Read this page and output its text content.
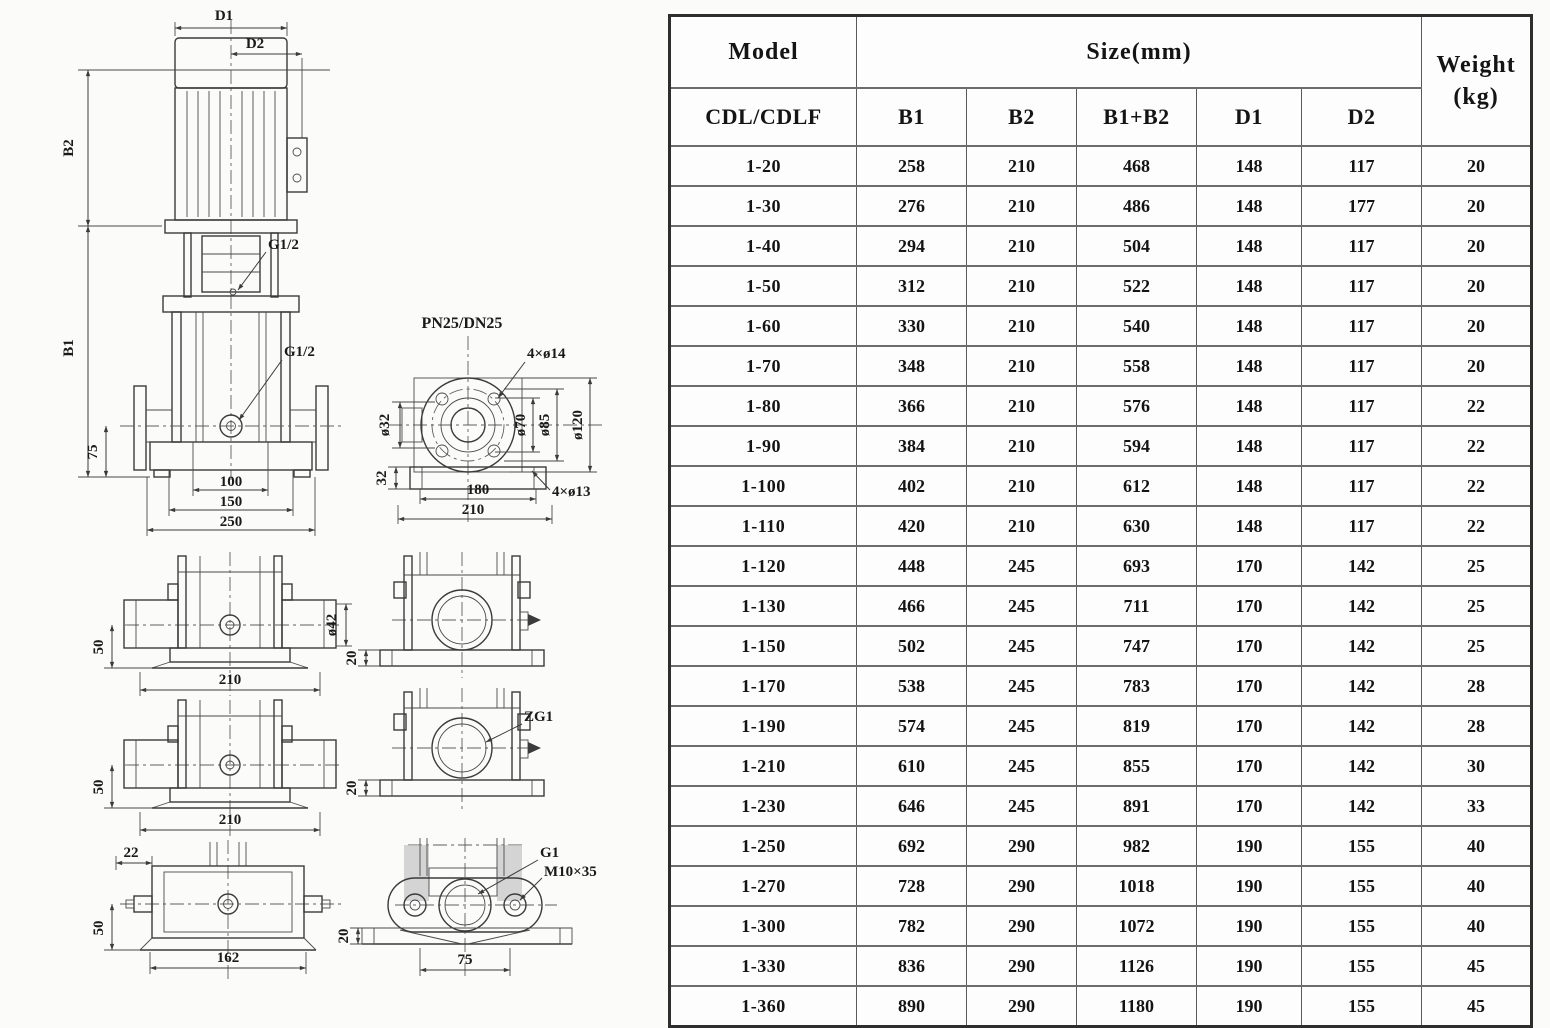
D1
D2
B2
B1
G1/2
G1/2
75
100
150
250
PN25/DN25
4×ø14
ø32	ø70 ø85 ø120
32
180
210
4×ø13
50
ø42
210
20
50
210
ZG1
20
22
50
162
G1
M10×35
75
20
Model	Size(mm)					Weight
(kg)

CDL/CDLF	B1	B2	B1+B2	D1	D2	
1-20	258	210	468	148	117	20
1-30	276	210	486	148	177	20
1-40	294	210	504	148	117	20
1-50	312	210	522	148	117	20
1-60	330	210	540	148	117	20
1-70	348	210	558	148	117	20
1-80	366	210	576	148	117	22
1-90	384	210	594	148	117	22
1-100	402	210	612	148	117	22
1-110	420	210	630	148	117	22
1-120	448	245	693	170	142	25
1-130	466	245	711	170	142	25
1-150	502	245	747	170	142	25
1-170	538	245	783	170	142	28
1-190	574	245	819	170	142	28
1-210	610	245	855	170	142	30
1-230	646	245	891	170	142	33
1-250	692	290	982	190	155	40
1-270	728	290	1018	190	155	40
1-300	782	290	1072	190	155	40
1-330	836	290	1126	190	155	45
1-360	890	290	1180	190	155	45
